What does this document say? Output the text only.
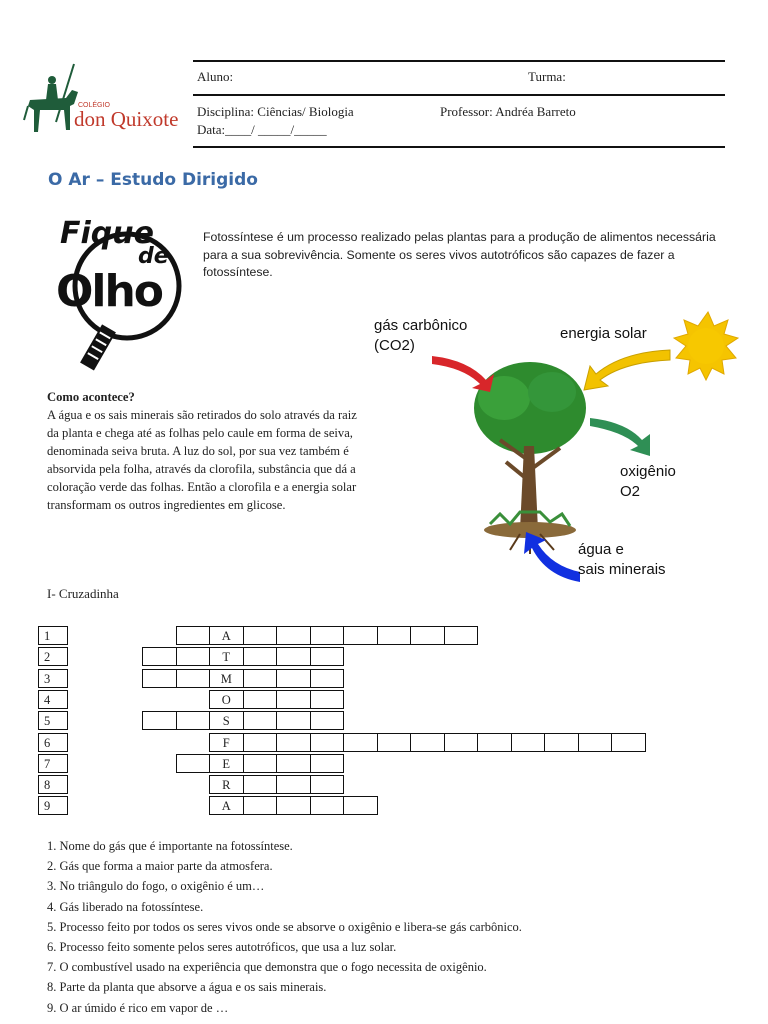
COLÉGIO
don Quixote
Aluno:	Turma:
Disciplina: Ciências/ Biologia	Professor: Andréa Barreto
Data:____/ _____/_____
O Ar – Estudo Dirigido
Fique
de
Olho
Fotossíntese é um processo realizado pelas plantas para a produção de alimentos necessária para a sua sobrevivência. Somente os seres vivos autotróficos são capazes de fazer a fotossíntese.
gás carbônico
(CO2)
energia solar
oxigênio
O2
água e
sais minerais
Como acontece?

A água e os sais minerais são retirados do solo através da raiz da planta e chega até as folhas pelo caule em forma de seiva, denominada seiva bruta. A luz do sol, por sua vez também é absorvida pela folha, através da clorofila, substância que dá a coloração verde das folhas. Então a clorofila e a energia solar transformam os outros ingredientes em glicose.

I- Cruzadinha
1	A
2	T
3	M
4	O
5	S
6	F
7	E
8	R
9	A
1. Nome do gás que é importante na fotossíntese.
2. Gás que forma a maior parte da atmosfera.
3. No triângulo do fogo, o oxigênio é um…
4. Gás liberado na fotossíntese.
5. Processo feito por todos os seres vivos onde se absorve o oxigênio e libera-se gás carbônico.
6. Processo feito somente pelos seres autotróficos, que usa a luz solar.
7. O combustível usado na experiência que demonstra que o fogo necessita de oxigênio.
8. Parte da planta que absorve a água e os sais minerais.
9. O ar úmido é rico em vapor de …
